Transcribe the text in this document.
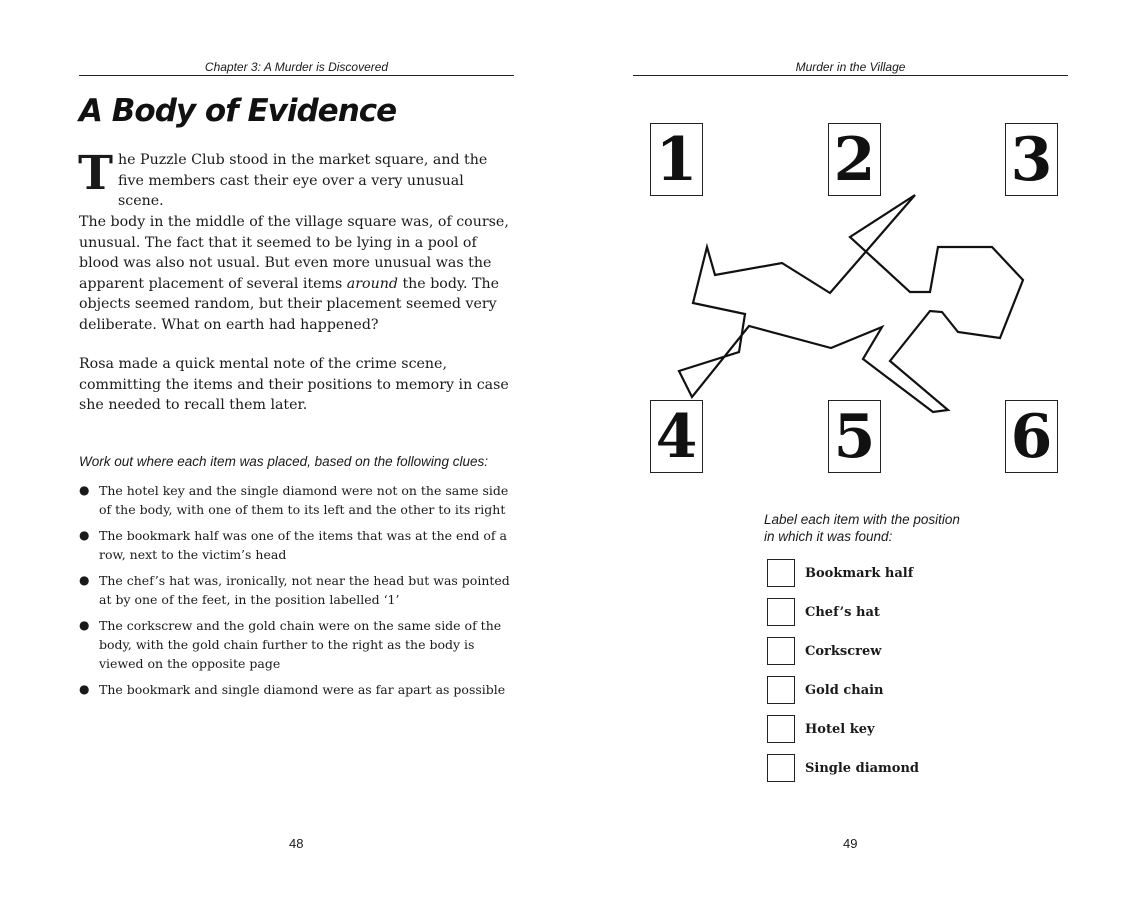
Chapter 3: A Murder is Discovered
A Body of Evidence

The Puzzle Club stood in the market square, and the five members cast their eye over a very unusual scene.

The body in the middle of the village square was, of course, unusual. The fact that it seemed to be lying in a pool of blood was also not usual. But even more unusual was the apparent placement of several items around the body. The objects seemed random, but their placement seemed very deliberate. What on earth had happened?

Rosa made a quick mental note of the crime scene, committing the items and their positions to memory in case she needed to recall them later.

Work out where each item was placed, based on the following clues:
● The hotel key and the single diamond were not on the same side of the body, with one of them to its left and the other to its right
● The bookmark half was one of the items that was at the end of a row, next to the victim’s head
● The chef’s hat was, ironically, not near the head but was pointed at by one of the feet, in the position labelled ‘1’
● The corkscrew and the gold chain were on the same side of the body, with the gold chain further to the right as the body is viewed on the opposite page
● The bookmark and single diamond were as far apart as possible
48
Murder in the Village
1 2 3
4 5 6
Label each item with the position
in which it was found:
Bookmark half
Chef’s hat
Corkscrew
Gold chain
Hotel key
Single diamond
49
